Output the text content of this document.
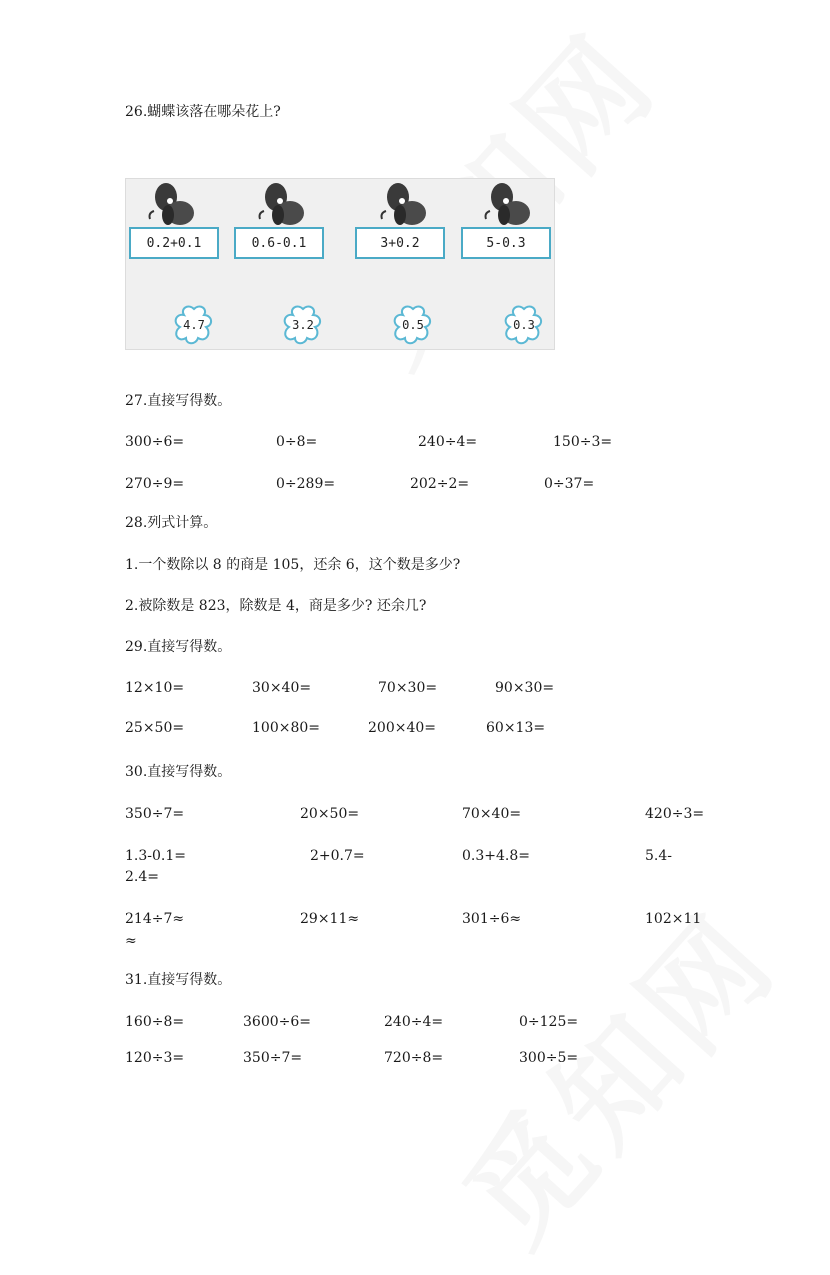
26.蝴蝶该落在哪朵花上?
0.2+0.1	0.6-0.1	3+0.2	5-0.3
4.7	3.2	0.5	0.3
27.直接写得数。
300÷6=	0÷8=	240÷4=	150÷3=
270÷9=	0÷289=	202÷2=	0÷37=
28.列式计算。
1.一个数除以 8 的商是 105，还余 6，这个数是多少?
2.被除数是 823，除数是 4，商是多少? 还余几?
29.直接写得数。
12×10=	30×40=	70×30=	90×30=
25×50=	100×80=	200×40=	60×13=
30.直接写得数。
350÷7=	20×50=	70×40=	420÷3=
1.3-0.1=	2+0.7=	0.3+4.8=	5.4-
2.4=
214÷7≈	29×11≈	301÷6≈	102×11
≈
31.直接写得数。
160÷8=	3600÷6=	240÷4=	0÷125=
120÷3=	350÷7=	720÷8=	300÷5=
